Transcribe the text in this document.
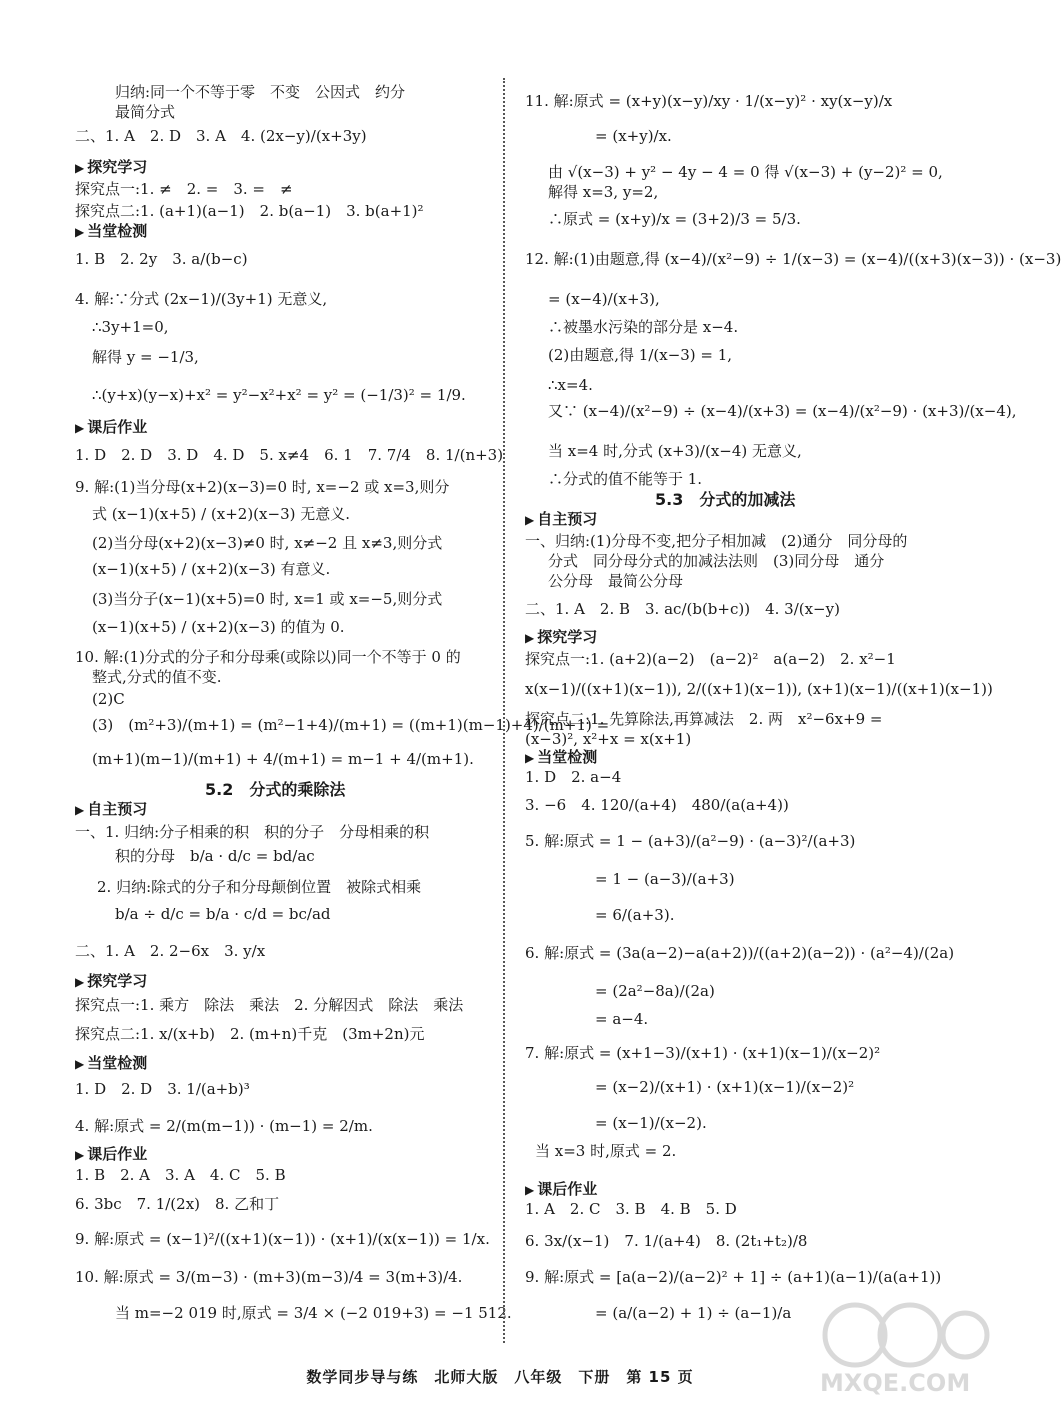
归纳:同一个不等于零　不变　公因式　约分
最简分式
二、1. A　2. D　3. A　4. (2x−y)/(x+3y)
▶ 探究学习
探究点一:1. ≠　2. =　3. =　≠
探究点二:1. (a+1)(a−1)　2. b(a−1)　3. b(a+1)²
▶ 当堂检测
1. B　2. 2y　3. a/(b−c)
4. 解:∵分式 (2x−1)/(3y+1) 无意义,
∴3y+1=0,
解得 y = −1/3,
∴(y+x)(y−x)+x² = y²−x²+x² = y² = (−1/3)² = 1/9.
▶ 课后作业
1. D　2. D　3. D　4. D　5. x≠4　6. 1　7. 7/4　8. 1/(n+3)
9. 解:(1)当分母(x+2)(x−3)=0 时, x=−2 或 x=3,则分
式 (x−1)(x+5) / (x+2)(x−3) 无意义.
(2)当分母(x+2)(x−3)≠0 时, x≠−2 且 x≠3,则分式
(x−1)(x+5) / (x+2)(x−3) 有意义.
(3)当分子(x−1)(x+5)=0 时, x=1 或 x=−5,则分式
(x−1)(x+5) / (x+2)(x−3) 的值为 0.
10. 解:(1)分式的分子和分母乘(或除以)同一个不等于 0 的
整式,分式的值不变.
(2)C
(3)　(m²+3)/(m+1) = (m²−1+4)/(m+1) = ((m+1)(m−1)+4)/(m+1) =
(m+1)(m−1)/(m+1) + 4/(m+1) = m−1 + 4/(m+1).
5.2　分式的乘除法
▶ 自主预习
一、1. 归纳:分子相乘的积　积的分子　分母相乘的积
积的分母　b/a · d/c = bd/ac
2. 归纳:除式的分子和分母颠倒位置　被除式相乘
b/a ÷ d/c = b/a · c/d = bc/ad
二、1. A　2. 2−6x　3. y/x
▶ 探究学习
探究点一:1. 乘方　除法　乘法　2. 分解因式　除法　乘法
探究点二:1. x/(x+b)　2. (m+n)千克　(3m+2n)元
▶ 当堂检测
1. D　2. D　3. 1/(a+b)³
4. 解:原式 = 2/(m(m−1)) · (m−1) = 2/m.
▶ 课后作业
1. B　2. A　3. A　4. C　5. B
6. 3bc　7. 1/(2x)　8. 乙和丁
9. 解:原式 = (x−1)²/((x+1)(x−1)) · (x+1)/(x(x−1)) = 1/x.
10. 解:原式 = 3/(m−3) · (m+3)(m−3)/4 = 3(m+3)/4.
当 m=−2 019 时,原式 = 3/4 × (−2 019+3) = −1 512.
11. 解:原式 = (x+y)(x−y)/xy · 1/(x−y)² · xy(x−y)/x
= (x+y)/x.
由 √(x−3) + y² − 4y − 4 = 0 得 √(x−3) + (y−2)² = 0,
解得 x=3, y=2,
∴原式 = (x+y)/x = (3+2)/3 = 5/3.
12. 解:(1)由题意,得 (x−4)/(x²−9) ÷ 1/(x−3) = (x−4)/((x+3)(x−3)) · (x−3)
= (x−4)/(x+3),
∴被墨水污染的部分是 x−4.
(2)由题意,得 1/(x−3) = 1,
∴x=4.
又∵ (x−4)/(x²−9) ÷ (x−4)/(x+3) = (x−4)/(x²−9) · (x+3)/(x−4),
当 x=4 时,分式 (x+3)/(x−4) 无意义,
∴分式的值不能等于 1.
5.3　分式的加减法
▶ 自主预习
一、归纳:(1)分母不变,把分子相加减　(2)通分　同分母的
分式　同分母分式的加减法法则　(3)同分母　通分
公分母　最简公分母
二、1. A　2. B　3. ac/(b(b+c))　4. 3/(x−y)
▶ 探究学习
探究点一:1. (a+2)(a−2)　(a−2)²　a(a−2)　2. x²−1
x(x−1)/((x+1)(x−1)), 2/((x+1)(x−1)), (x+1)(x−1)/((x+1)(x−1))
探究点二:1. 先算除法,再算减法　2. 两　x²−6x+9 =
(x−3)², x²+x = x(x+1)
▶ 当堂检测
1. D　2. a−4
3. −6　4. 120/(a+4)　480/(a(a+4))
5. 解:原式 = 1 − (a+3)/(a²−9) · (a−3)²/(a+3)
= 1 − (a−3)/(a+3)
= 6/(a+3).
6. 解:原式 = (3a(a−2)−a(a+2))/((a+2)(a−2)) · (a²−4)/(2a)
= (2a²−8a)/(2a)
= a−4.
7. 解:原式 = (x+1−3)/(x+1) · (x+1)(x−1)/(x−2)²
= (x−2)/(x+1) · (x+1)(x−1)/(x−2)²
= (x−1)/(x−2).
当 x=3 时,原式 = 2.
▶ 课后作业
1. A　2. C　3. B　4. B　5. D
6. 3x/(x−1)　7. 1/(a+4)　8. (2t₁+t₂)/8
9. 解:原式 = [a(a−2)/(a−2)² + 1] ÷ (a+1)(a−1)/(a(a+1))
= (a/(a−2) + 1) ÷ (a−1)/a
数学同步导与练　北师大版　八年级　下册　第 15 页	MXQE.COM
